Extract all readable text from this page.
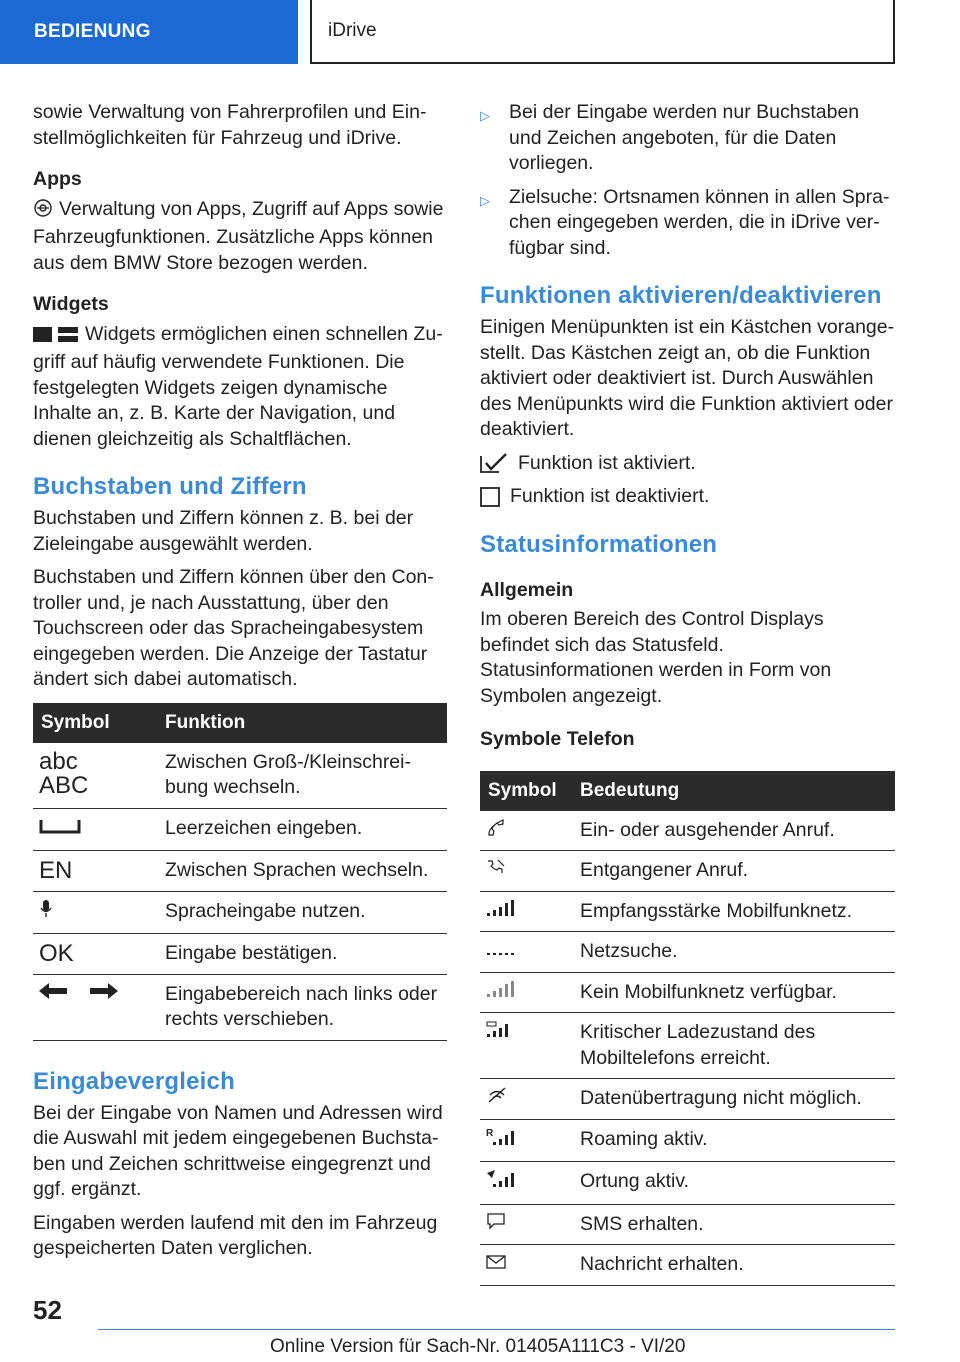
BEDIENUNG	iDrive

sowie Verwaltung von Fahrerprofilen und Einstellmöglichkeiten für Fahrzeug und iDrive.

Apps

Verwaltung von Apps, Zugriff auf Apps sowie Fahrzeugfunktionen. Zusätzliche Apps können aus dem BMW Store bezogen werden.

Widgets

Widgets ermöglichen einen schnellen Zugriff auf häufig verwendete Funktionen. Die festgelegten Widgets zeigen dynamische Inhalte an, z. B. Karte der Navigation, und dienen gleichzeitig als Schaltflächen.

Buchstaben und Ziffern

Buchstaben und Ziffern können z. B. bei der Zieleingabe ausgewählt werden.

Buchstaben und Ziffern können über den Controller und, je nach Ausstattung, über den Touchscreen oder das Spracheingabesystem eingegeben werden. Die Anzeige der Tastatur ändert sich dabei automatisch.

Symbol	Funktion
abc
ABC	Zwischen Groß-/Kleinschreibung wechseln.
	Leerzeichen eingeben.
EN	Zwischen Sprachen wechseln.
	Spracheingabe nutzen.
OK	Eingabe bestätigen.
	Eingabebereich nach links oder rechts verschieben.
Eingabevergleich

Bei der Eingabe von Namen und Adressen wird die Auswahl mit jedem eingegebenen Buchstaben und Zeichen schrittweise eingegrenzt und ggf. ergänzt.

Eingaben werden laufend mit den im Fahrzeug gespeicherten Daten verglichen.

▷ Bei der Eingabe werden nur Buchstaben und Zeichen angeboten, für die Daten vorliegen.
▷ Zielsuche: Ortsnamen können in allen Sprachen eingegeben werden, die in iDrive verfügbar sind.
Funktionen aktivieren/deaktivieren

Einigen Menüpunkten ist ein Kästchen vorangestellt. Das Kästchen zeigt an, ob die Funktion aktiviert oder deaktiviert ist. Durch Auswählen des Menüpunkts wird die Funktion aktiviert oder deaktiviert.

Funktion ist aktiviert.
Funktion ist deaktiviert.
Statusinformationen
Allgemein

Im oberen Bereich des Control Displays befindet sich das Statusfeld. Statusinformationen werden in Form von Symbolen angezeigt.

Symbole Telefon
Symbol	Bedeutung
	Ein- oder ausgehender Anruf.
	Entgangener Anruf.
	Empfangsstärke Mobilfunknetz.
	Netzsuche.
	Kein Mobilfunknetz verfügbar.
	Kritischer Ladezustand des Mobiltelefons erreicht.
	Datenübertragung nicht möglich.

R	Roaming aktiv.
	Ortung aktiv.
	SMS erhalten.
	Nachricht erhalten.
52
Online Version für Sach-Nr. 01405A111C3 - VI/20
